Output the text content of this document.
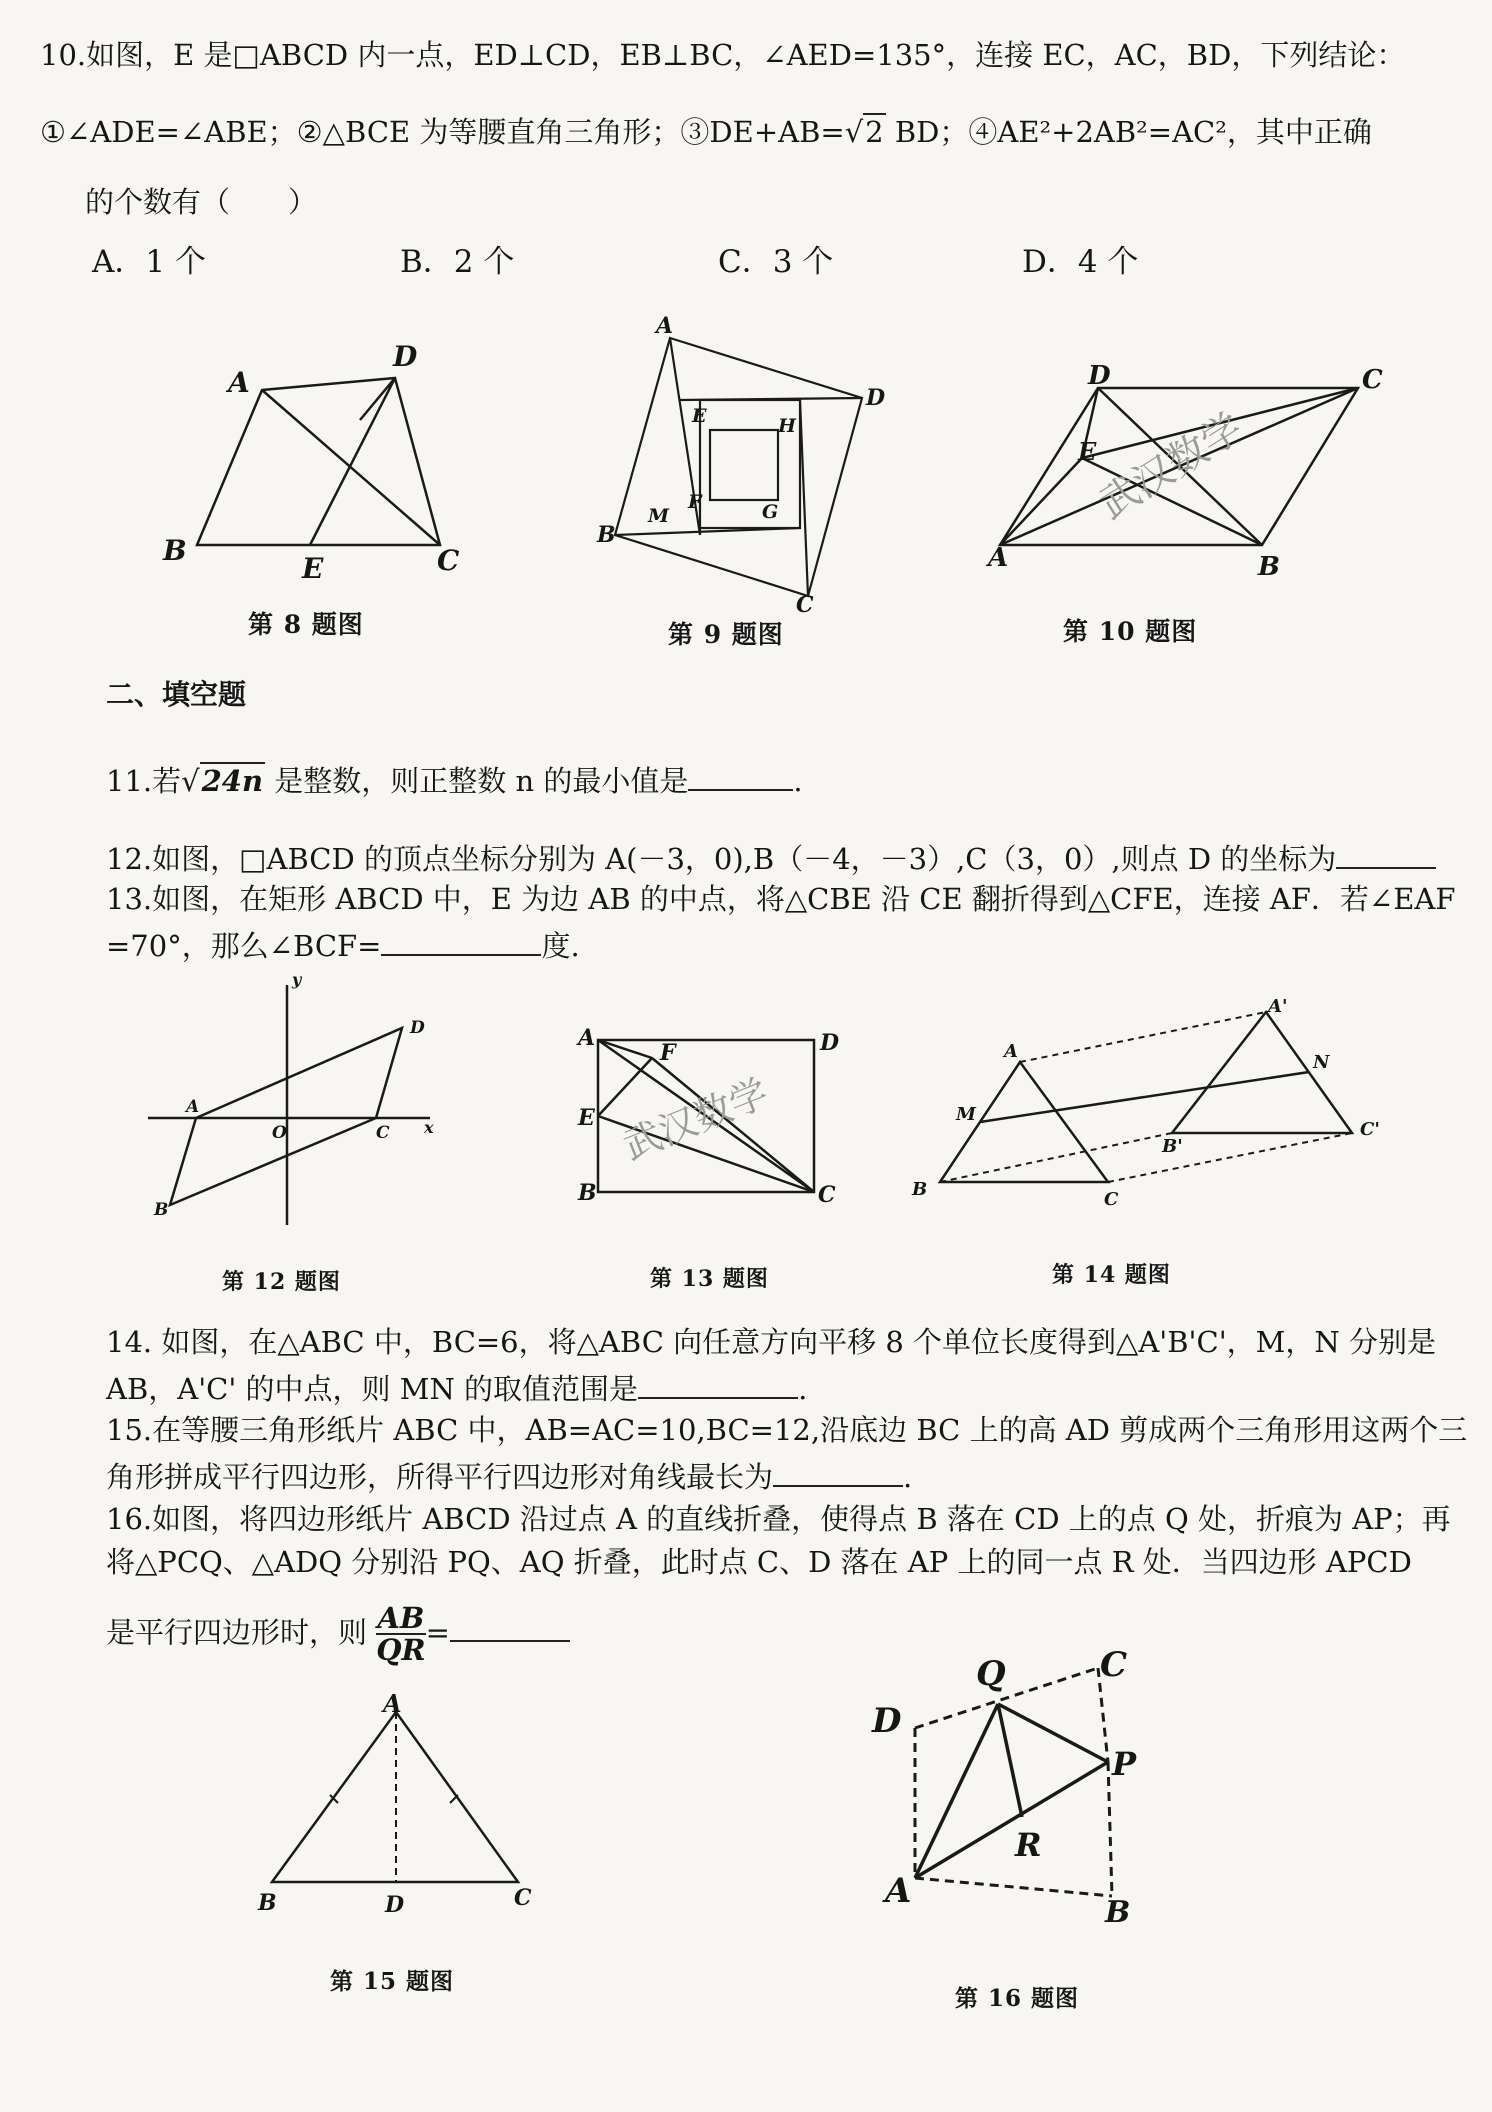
10.如图，E 是□ABCD 内一点，ED⊥CD，EB⊥BC，∠AED=135°，连接 EC，AC，BD，下列结论：
①∠ADE=∠ABE；②△BCE 为等腰直角三角形；③DE+AB=√2 BD；④AE²+2AB²=AC²，其中正确
的个数有（　　）
A．1 个	B．2 个	C．3 个	D．4 个
A
D
B
E	C
第 8 题图
A
D
E	H
F	G
M
B
C
第 9 题图
D	C
E
A	B
武汉数学
第 10 题图
二、填空题
11.若√24n 是整数，则正整数 n 的最小值是	.
12.如图，□ABCD 的顶点坐标分别为 A(－3，0),B（－4，－3）,C（3，0）,则点 D 的坐标为
13.如图，在矩形 ABCD 中，E 为边 AB 的中点，将△CBE 沿 CE 翻折得到△CFE，连接 AF．若∠EAF
=70°，那么∠BCF=	度.
y
D
A
O	C x
B
第 12 题图
A
F	D
E
B	C
武汉数学
第 13 题图
A'
A
N
M
C'
B'
B	C
第 14 题图
14. 如图，在△ABC 中，BC=6，将△ABC 向任意方向平移 8 个单位长度得到△A'B'C'，M，N 分别是
AB，A'C' 的中点，则 MN 的取值范围是	.
15.在等腰三角形纸片 ABC 中，AB=AC=10,BC=12,沿底边 BC 上的高 AD 剪成两个三角形用这两个三
角形拼成平行四边形，所得平行四边形对角线最长为	.
16.如图，将四边形纸片 ABCD 沿过点 A 的直线折叠，使得点 B 落在 CD 上的点 Q 处，折痕为 AP；再
将△PCQ、△ADQ 分别沿 PQ、AQ 折叠，此时点 C、D 落在 AP 上的同一点 R 处．当四边形 APCD
是平行四边形时，则 $\frac{AB}{QR}$ =
A
B	D	C
第 15 题图
Q	C
D
P
R
A
B
第 16 题图
